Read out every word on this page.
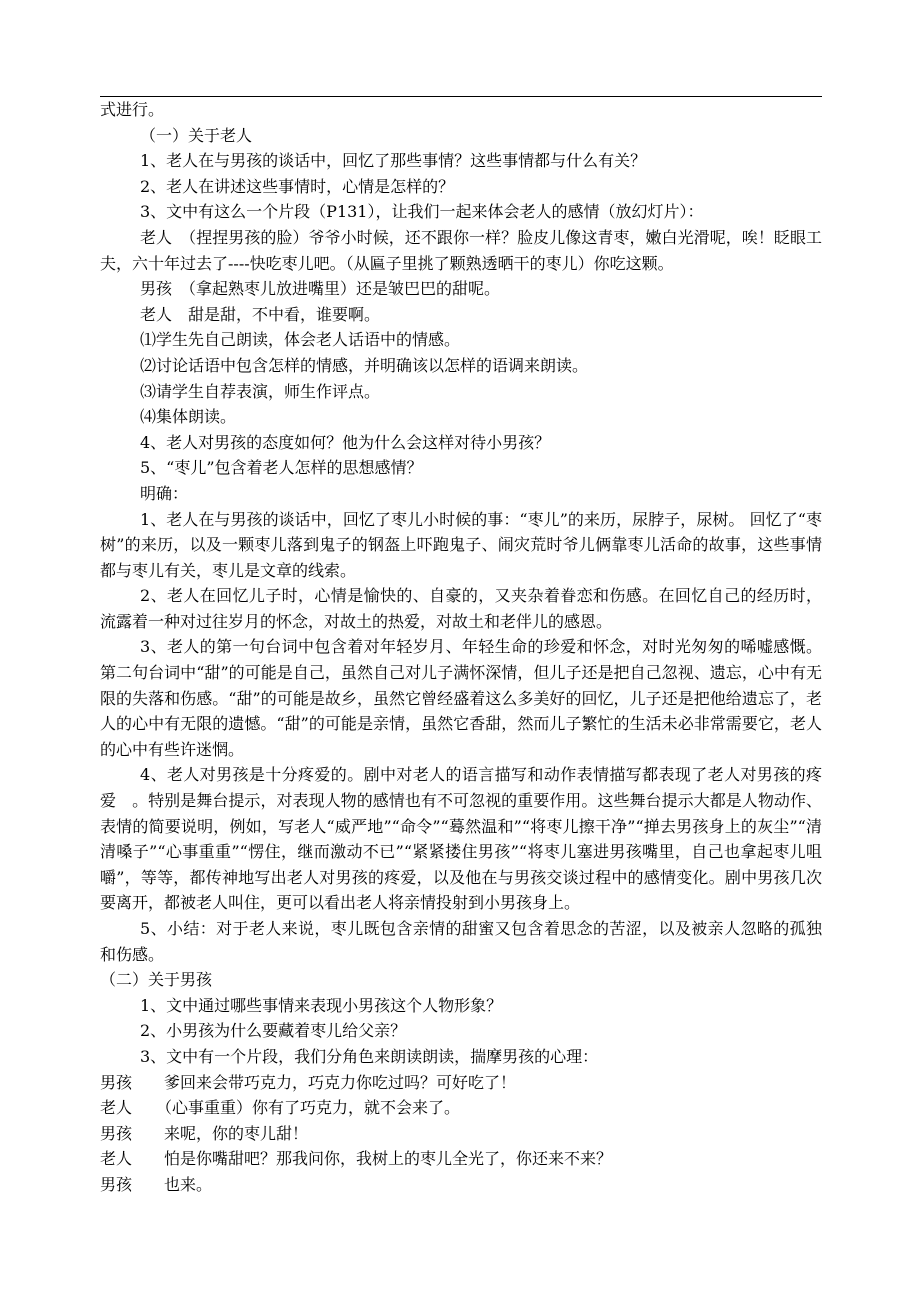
式进行。

（一）关于老人

1、老人在与男孩的谈话中，回忆了那些事情？这些事情都与什么有关？

2、老人在讲述这些事情时，心情是怎样的？

3、文中有这么一个片段（P131），让我们一起来体会老人的感情（放幻灯片）：

老人　（捏捏男孩的脸）爷爷小时候，还不跟你一样？脸皮儿像这青枣，嫩白光滑呢，唉！眨眼工夫，六十年过去了----快吃枣儿吧。（从匾子里挑了颗熟透晒干的枣儿）你吃这颗。

男孩　（拿起熟枣儿放进嘴里）还是皱巴巴的甜呢。

老人　甜是甜，不中看，谁要啊。

⑴学生先自己朗读，体会老人话语中的情感。

⑵讨论话语中包含怎样的情感，并明确该以怎样的语调来朗读。

⑶请学生自荐表演，师生作评点。

⑷集体朗读。

4、老人对男孩的态度如何？他为什么会这样对待小男孩？

5、“枣儿”包含着老人怎样的思想感情？

明确：

1、老人在与男孩的谈话中，回忆了枣儿小时候的事：“枣儿”的来历，尿脖子，尿树。 回忆了“枣树”的来历，以及一颗枣儿落到鬼子的钢盔上吓跑鬼子、闹灾荒时爷儿俩靠枣儿活命的故事，这些事情都与枣儿有关，枣儿是文章的线索。

2、老人在回忆儿子时，心情是愉快的、自豪的，又夹杂着眷恋和伤感。在回忆自己的经历时，流露着一种对过往岁月的怀念，对故土的热爱，对故土和老伴儿的感恩。

3、老人的第一句台词中包含着对年轻岁月、年轻生命的珍爱和怀念，对时光匆匆的唏嘘感慨。第二句台词中“甜”的可能是自己，虽然自己对儿子满怀深情，但儿子还是把自己忽视、遗忘，心中有无限的失落和伤感。“甜”的可能是故乡，虽然它曾经盛着这么多美好的回忆，儿子还是把他给遗忘了，老人的心中有无限的遗憾。“甜”的可能是亲情，虽然它香甜，然而儿子繁忙的生活未必非常需要它，老人的心中有些许迷惘。

4、老人对男孩是十分疼爱的。剧中对老人的语言描写和动作表情描写都表现了老人对男孩的疼爱　。特别是舞台提示，对表现人物的感情也有不可忽视的重要作用。这些舞台提示大都是人物动作、表情的简要说明，例如，写老人“威严地”“命令”“蓦然温和”“将枣儿擦干净”“掸去男孩身上的灰尘”“清清嗓子”“心事重重”“愣住，继而激动不已”“紧紧搂住男孩”“将枣儿塞进男孩嘴里，自己也拿起枣儿咀嚼”，等等，都传神地写出老人对男孩的疼爱，以及他在与男孩交谈过程中的感情变化。剧中男孩几次要离开，都被老人叫住，更可以看出老人将亲情投射到小男孩身上。

5、小结：对于老人来说，枣儿既包含亲情的甜蜜又包含着思念的苦涩，以及被亲人忽略的孤独和伤感。

（二）关于男孩

1、文中通过哪些事情来表现小男孩这个人物形象？

2、小男孩为什么要藏着枣儿给父亲？

3、文中有一个片段，我们分角色来朗读朗读，揣摩男孩的心理：

男孩　　爹回来会带巧克力，巧克力你吃过吗？可好吃了！

老人　　（心事重重）你有了巧克力，就不会来了。

男孩　　来呢，你的枣儿甜！

老人　　怕是你嘴甜吧？那我问你，我树上的枣儿全光了，你还来不来？

男孩　　也来。
